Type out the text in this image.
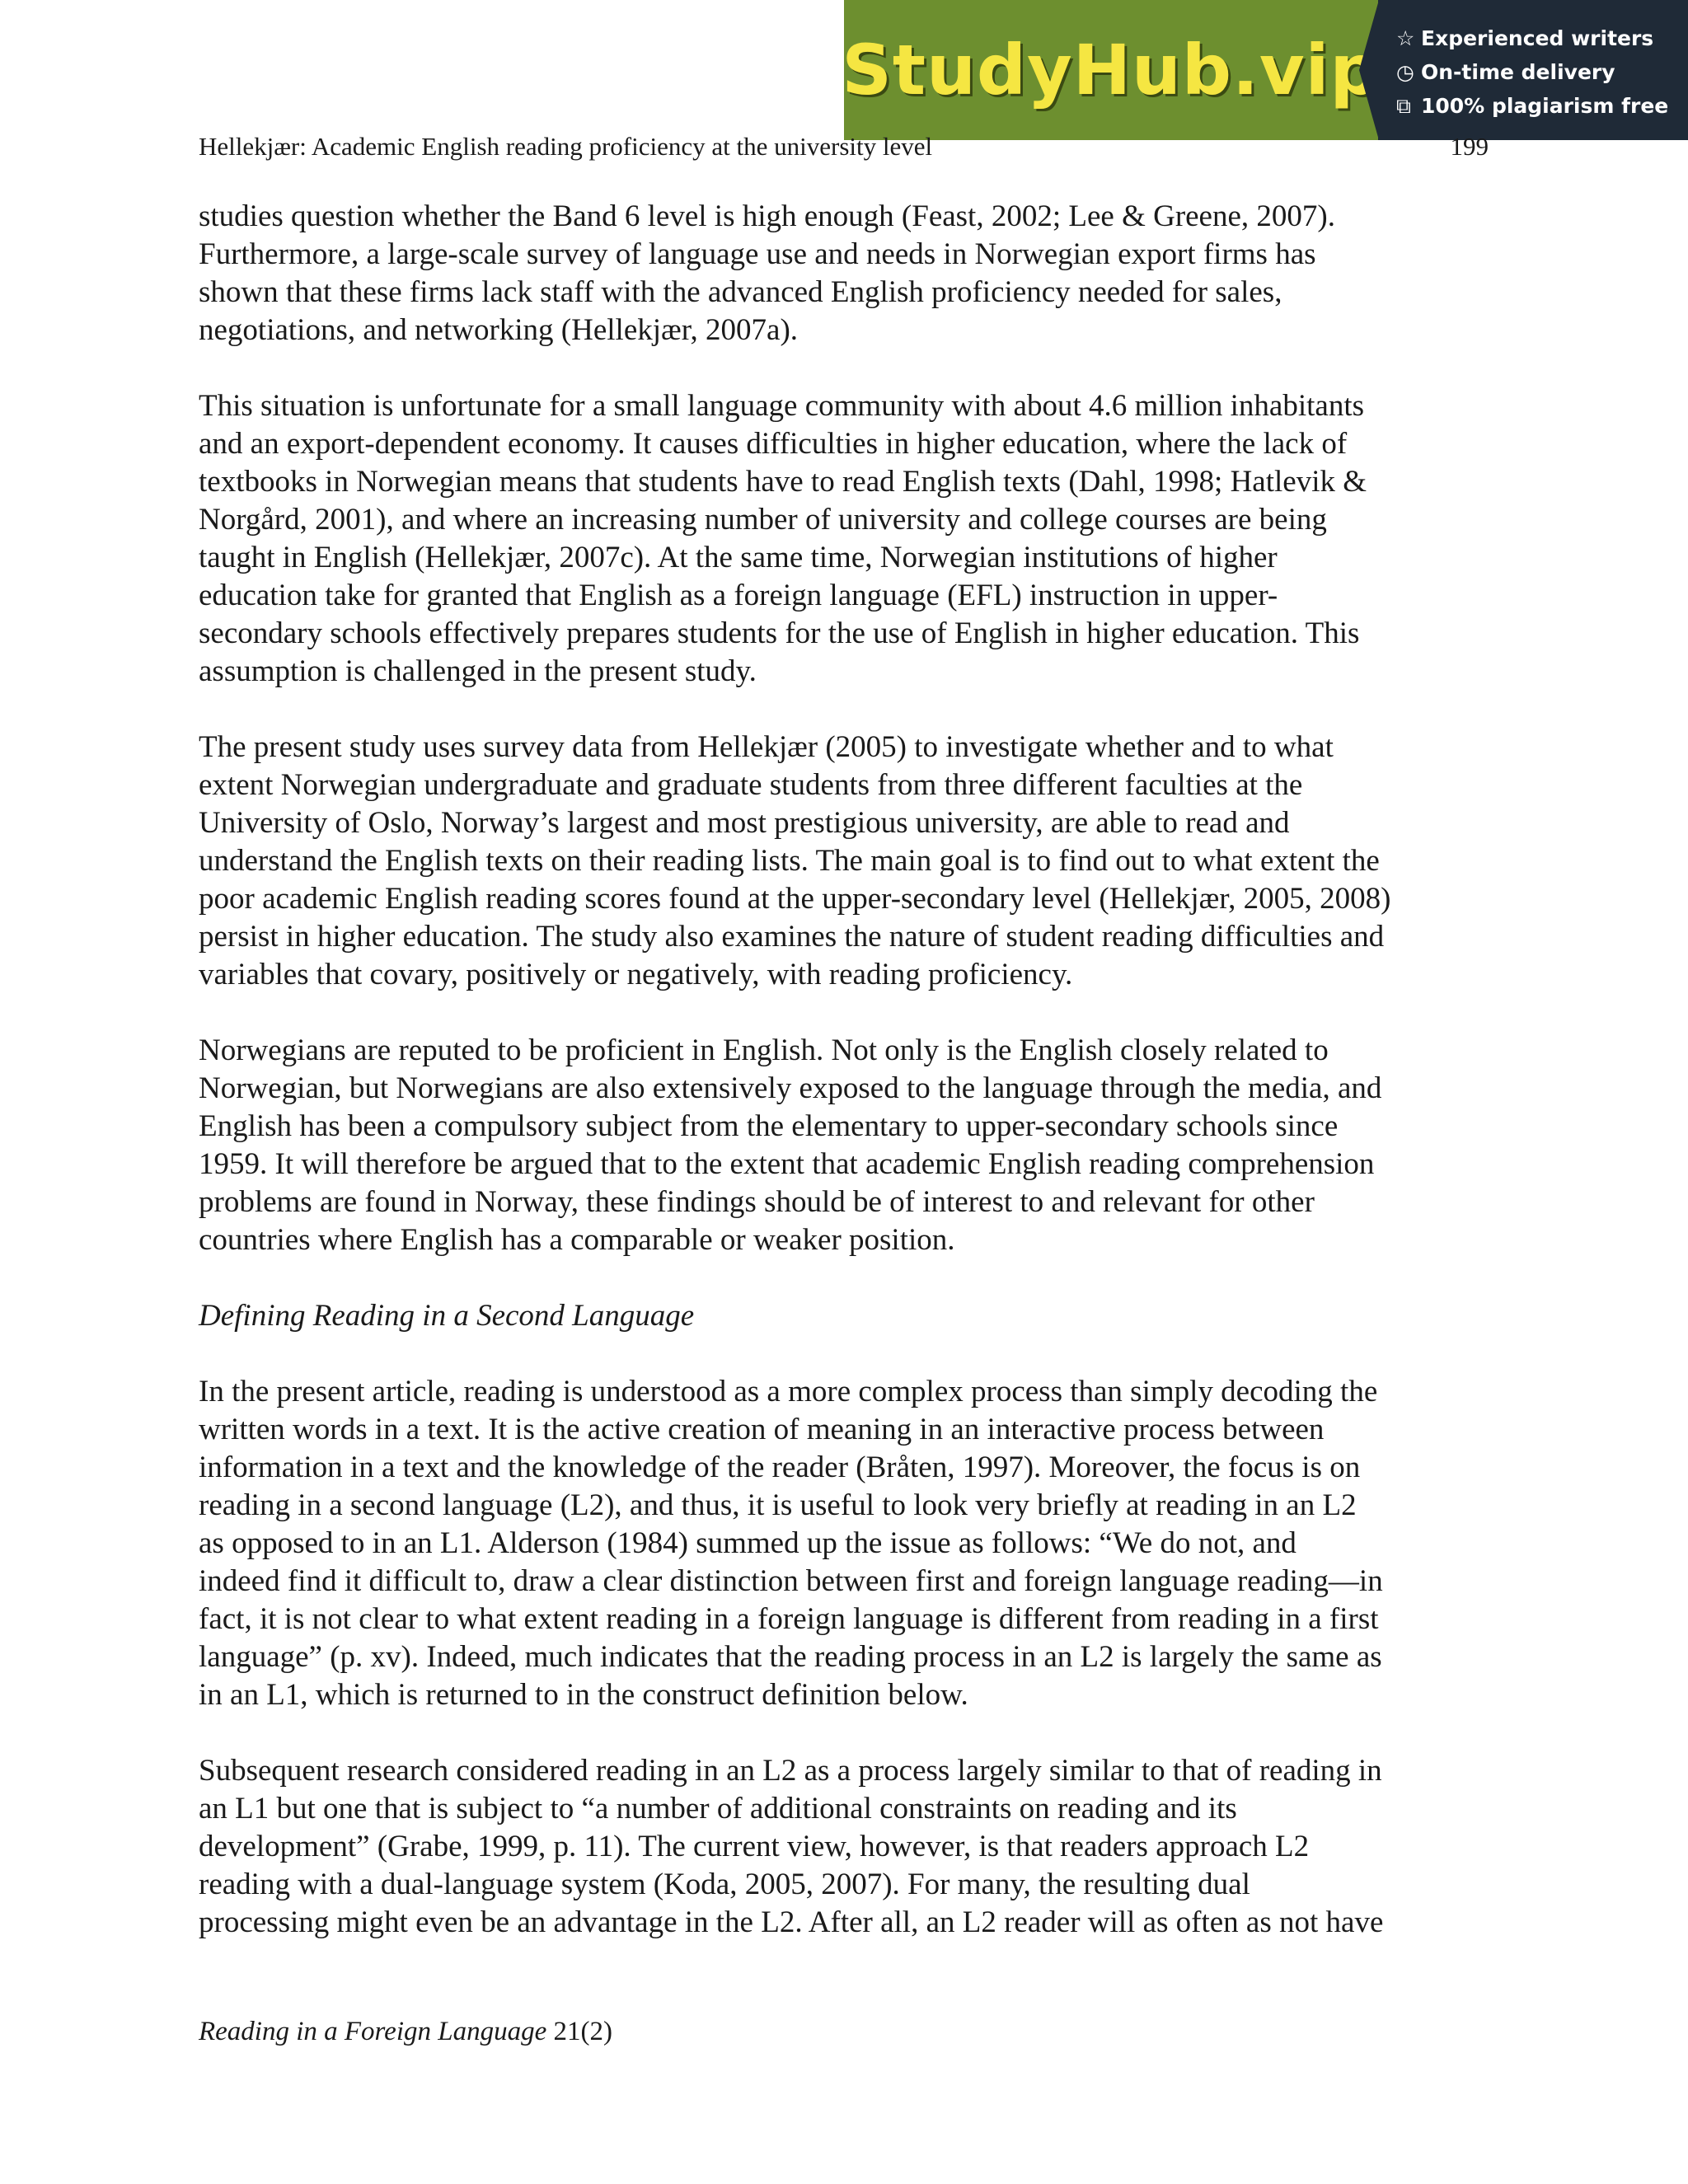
StudyHub.vip ☆ Experienced writers
◷ On-time delivery
⧉ 100% plagiarism free
Hellekjær: Academic English reading proficiency at the university level	199
studies question whether the Band 6 level is high enough (Feast, 2002; Lee & Greene, 2007).
Furthermore, a large-scale survey of language use and needs in Norwegian export firms has
shown that these firms lack staff with the advanced English proficiency needed for sales,
negotiations, and networking (Hellekjær, 2007a).
This situation is unfortunate for a small language community with about 4.6 million inhabitants
and an export-dependent economy. It causes difficulties in higher education, where the lack of
textbooks in Norwegian means that students have to read English texts (Dahl, 1998; Hatlevik &
Norgård, 2001), and where an increasing number of university and college courses are being
taught in English (Hellekjær, 2007c). At the same time, Norwegian institutions of higher
education take for granted that English as a foreign language (EFL) instruction in upper-
secondary schools effectively prepares students for the use of English in higher education. This
assumption is challenged in the present study.
The present study uses survey data from Hellekjær (2005) to investigate whether and to what
extent Norwegian undergraduate and graduate students from three different faculties at the
University of Oslo, Norway’s largest and most prestigious university, are able to read and
understand the English texts on their reading lists. The main goal is to find out to what extent the
poor academic English reading scores found at the upper-secondary level (Hellekjær, 2005, 2008)
persist in higher education. The study also examines the nature of student reading difficulties and
variables that covary, positively or negatively, with reading proficiency.
Norwegians are reputed to be proficient in English. Not only is the English closely related to
Norwegian, but Norwegians are also extensively exposed to the language through the media, and
English has been a compulsory subject from the elementary to upper-secondary schools since
1959. It will therefore be argued that to the extent that academic English reading comprehension
problems are found in Norway, these findings should be of interest to and relevant for other
countries where English has a comparable or weaker position.
Defining Reading in a Second Language
In the present article, reading is understood as a more complex process than simply decoding the
written words in a text. It is the active creation of meaning in an interactive process between
information in a text and the knowledge of the reader (Bråten, 1997). Moreover, the focus is on
reading in a second language (L2), and thus, it is useful to look very briefly at reading in an L2
as opposed to in an L1. Alderson (1984) summed up the issue as follows: “We do not, and
indeed find it difficult to, draw a clear distinction between first and foreign language reading—in
fact, it is not clear to what extent reading in a foreign language is different from reading in a first
language” (p. xv). Indeed, much indicates that the reading process in an L2 is largely the same as
in an L1, which is returned to in the construct definition below.
Subsequent research considered reading in an L2 as a process largely similar to that of reading in
an L1 but one that is subject to “a number of additional constraints on reading and its
development” (Grabe, 1999, p. 11). The current view, however, is that readers approach L2
reading with a dual-language system (Koda, 2005, 2007). For many, the resulting dual
processing might even be an advantage in the L2. After all, an L2 reader will as often as not have
Reading in a Foreign Language 21(2)
